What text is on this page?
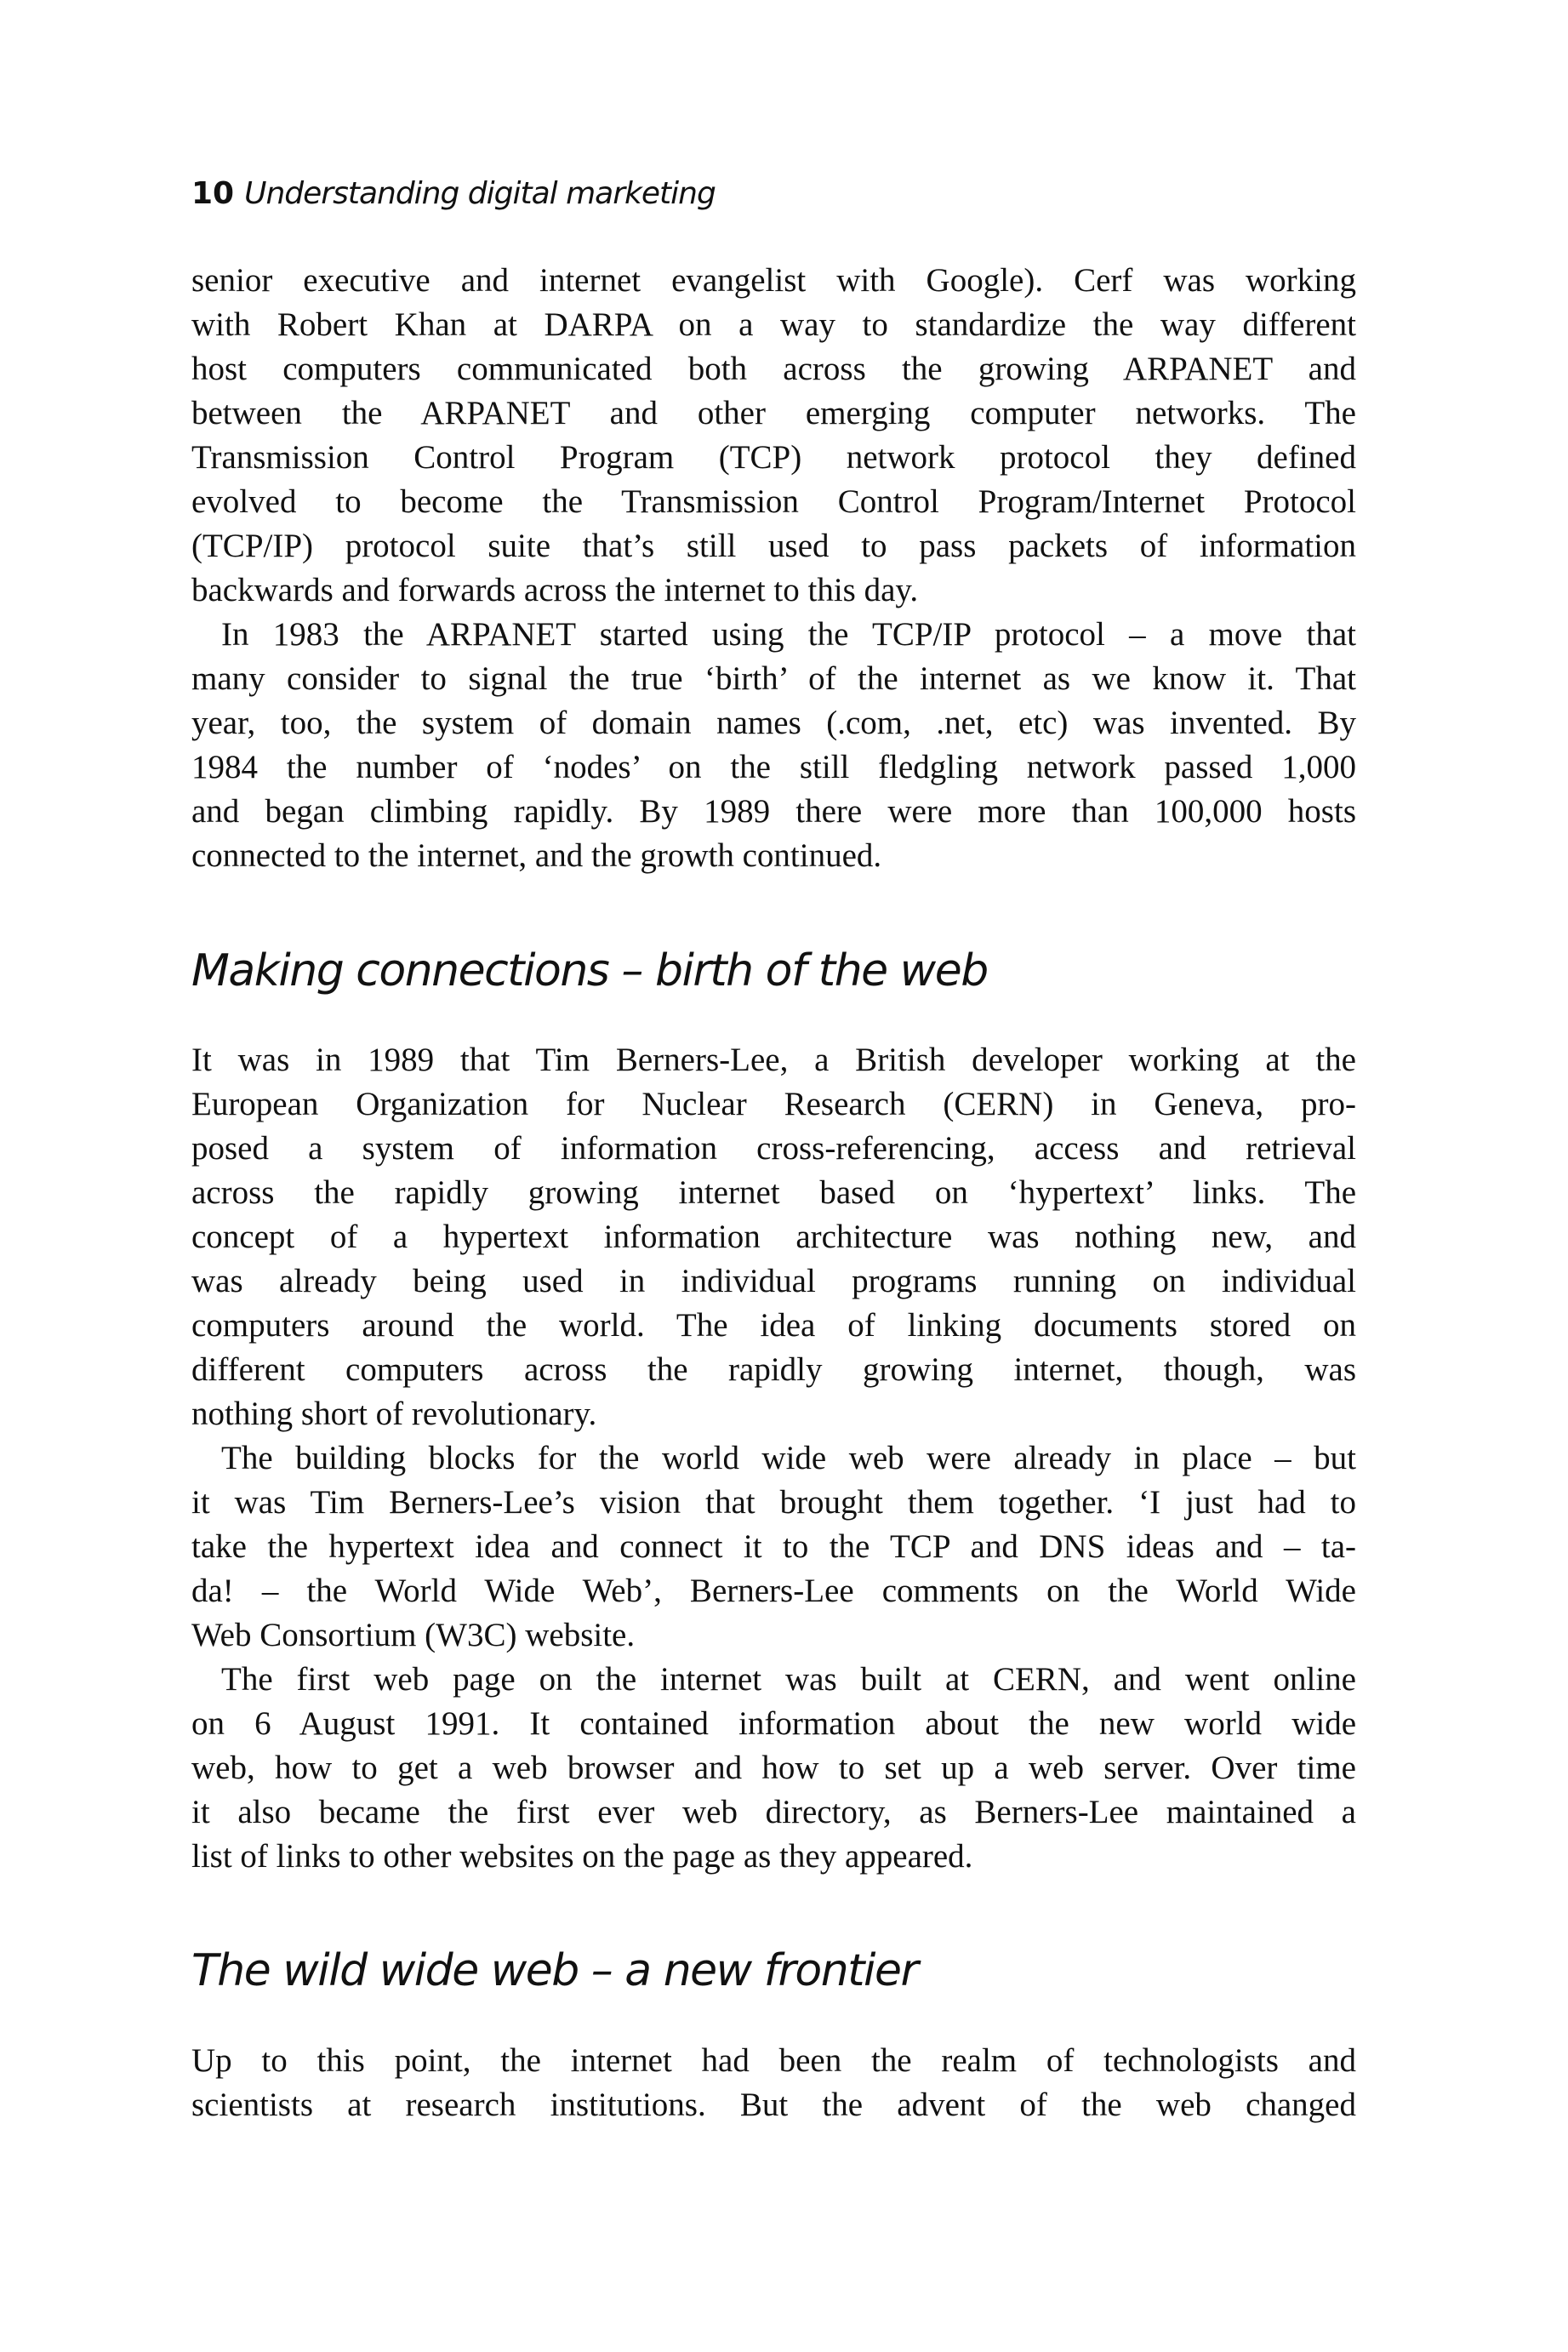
10 Understanding digital marketing
senior executive and internet evangelist with Google). Cerf was working
with Robert Khan at DARPA on a way to standardize the way different
host computers communicated both across the growing ARPANET and
between the ARPANET and other emerging computer networks. The
Transmission Control Program (TCP) network protocol they defined
evolved to become the Transmission Control Program/Internet Protocol
(TCP/IP) protocol suite that’s still used to pass packets of information
backwards and forwards across the internet to this day.
In 1983 the ARPANET started using the TCP/IP protocol – a move that
many consider to signal the true ‘birth’ of the internet as we know it. That
year, too, the system of domain names (.com, .net, etc) was invented. By
1984 the number of ‘nodes’ on the still fledgling network passed 1,000
and began climbing rapidly. By 1989 there were more than 100,000 hosts
connected to the internet, and the growth continued.
Making connections – birth of the web
It was in 1989 that Tim Berners-Lee, a British developer working at the
European Organization for Nuclear Research (CERN) in Geneva, pro-
posed a system of information cross-referencing, access and retrieval
across the rapidly growing internet based on ‘hypertext’ links. The
concept of a hypertext information architecture was nothing new, and
was already being used in individual programs running on individual
computers around the world. The idea of linking documents stored on
different computers across the rapidly growing internet, though, was
nothing short of revolutionary.
The building blocks for the world wide web were already in place – but
it was Tim Berners-Lee’s vision that brought them together. ‘I just had to
take the hypertext idea and connect it to the TCP and DNS ideas and – ta-
da! – the World Wide Web’, Berners-Lee comments on the World Wide
Web Consortium (W3C) website.
The first web page on the internet was built at CERN, and went online
on 6 August 1991. It contained information about the new world wide
web, how to get a web browser and how to set up a web server. Over time
it also became the first ever web directory, as Berners-Lee maintained a
list of links to other websites on the page as they appeared.
The wild wide web – a new frontier
Up to this point, the internet had been the realm of technologists and
scientists at research institutions. But the advent of the web changed
